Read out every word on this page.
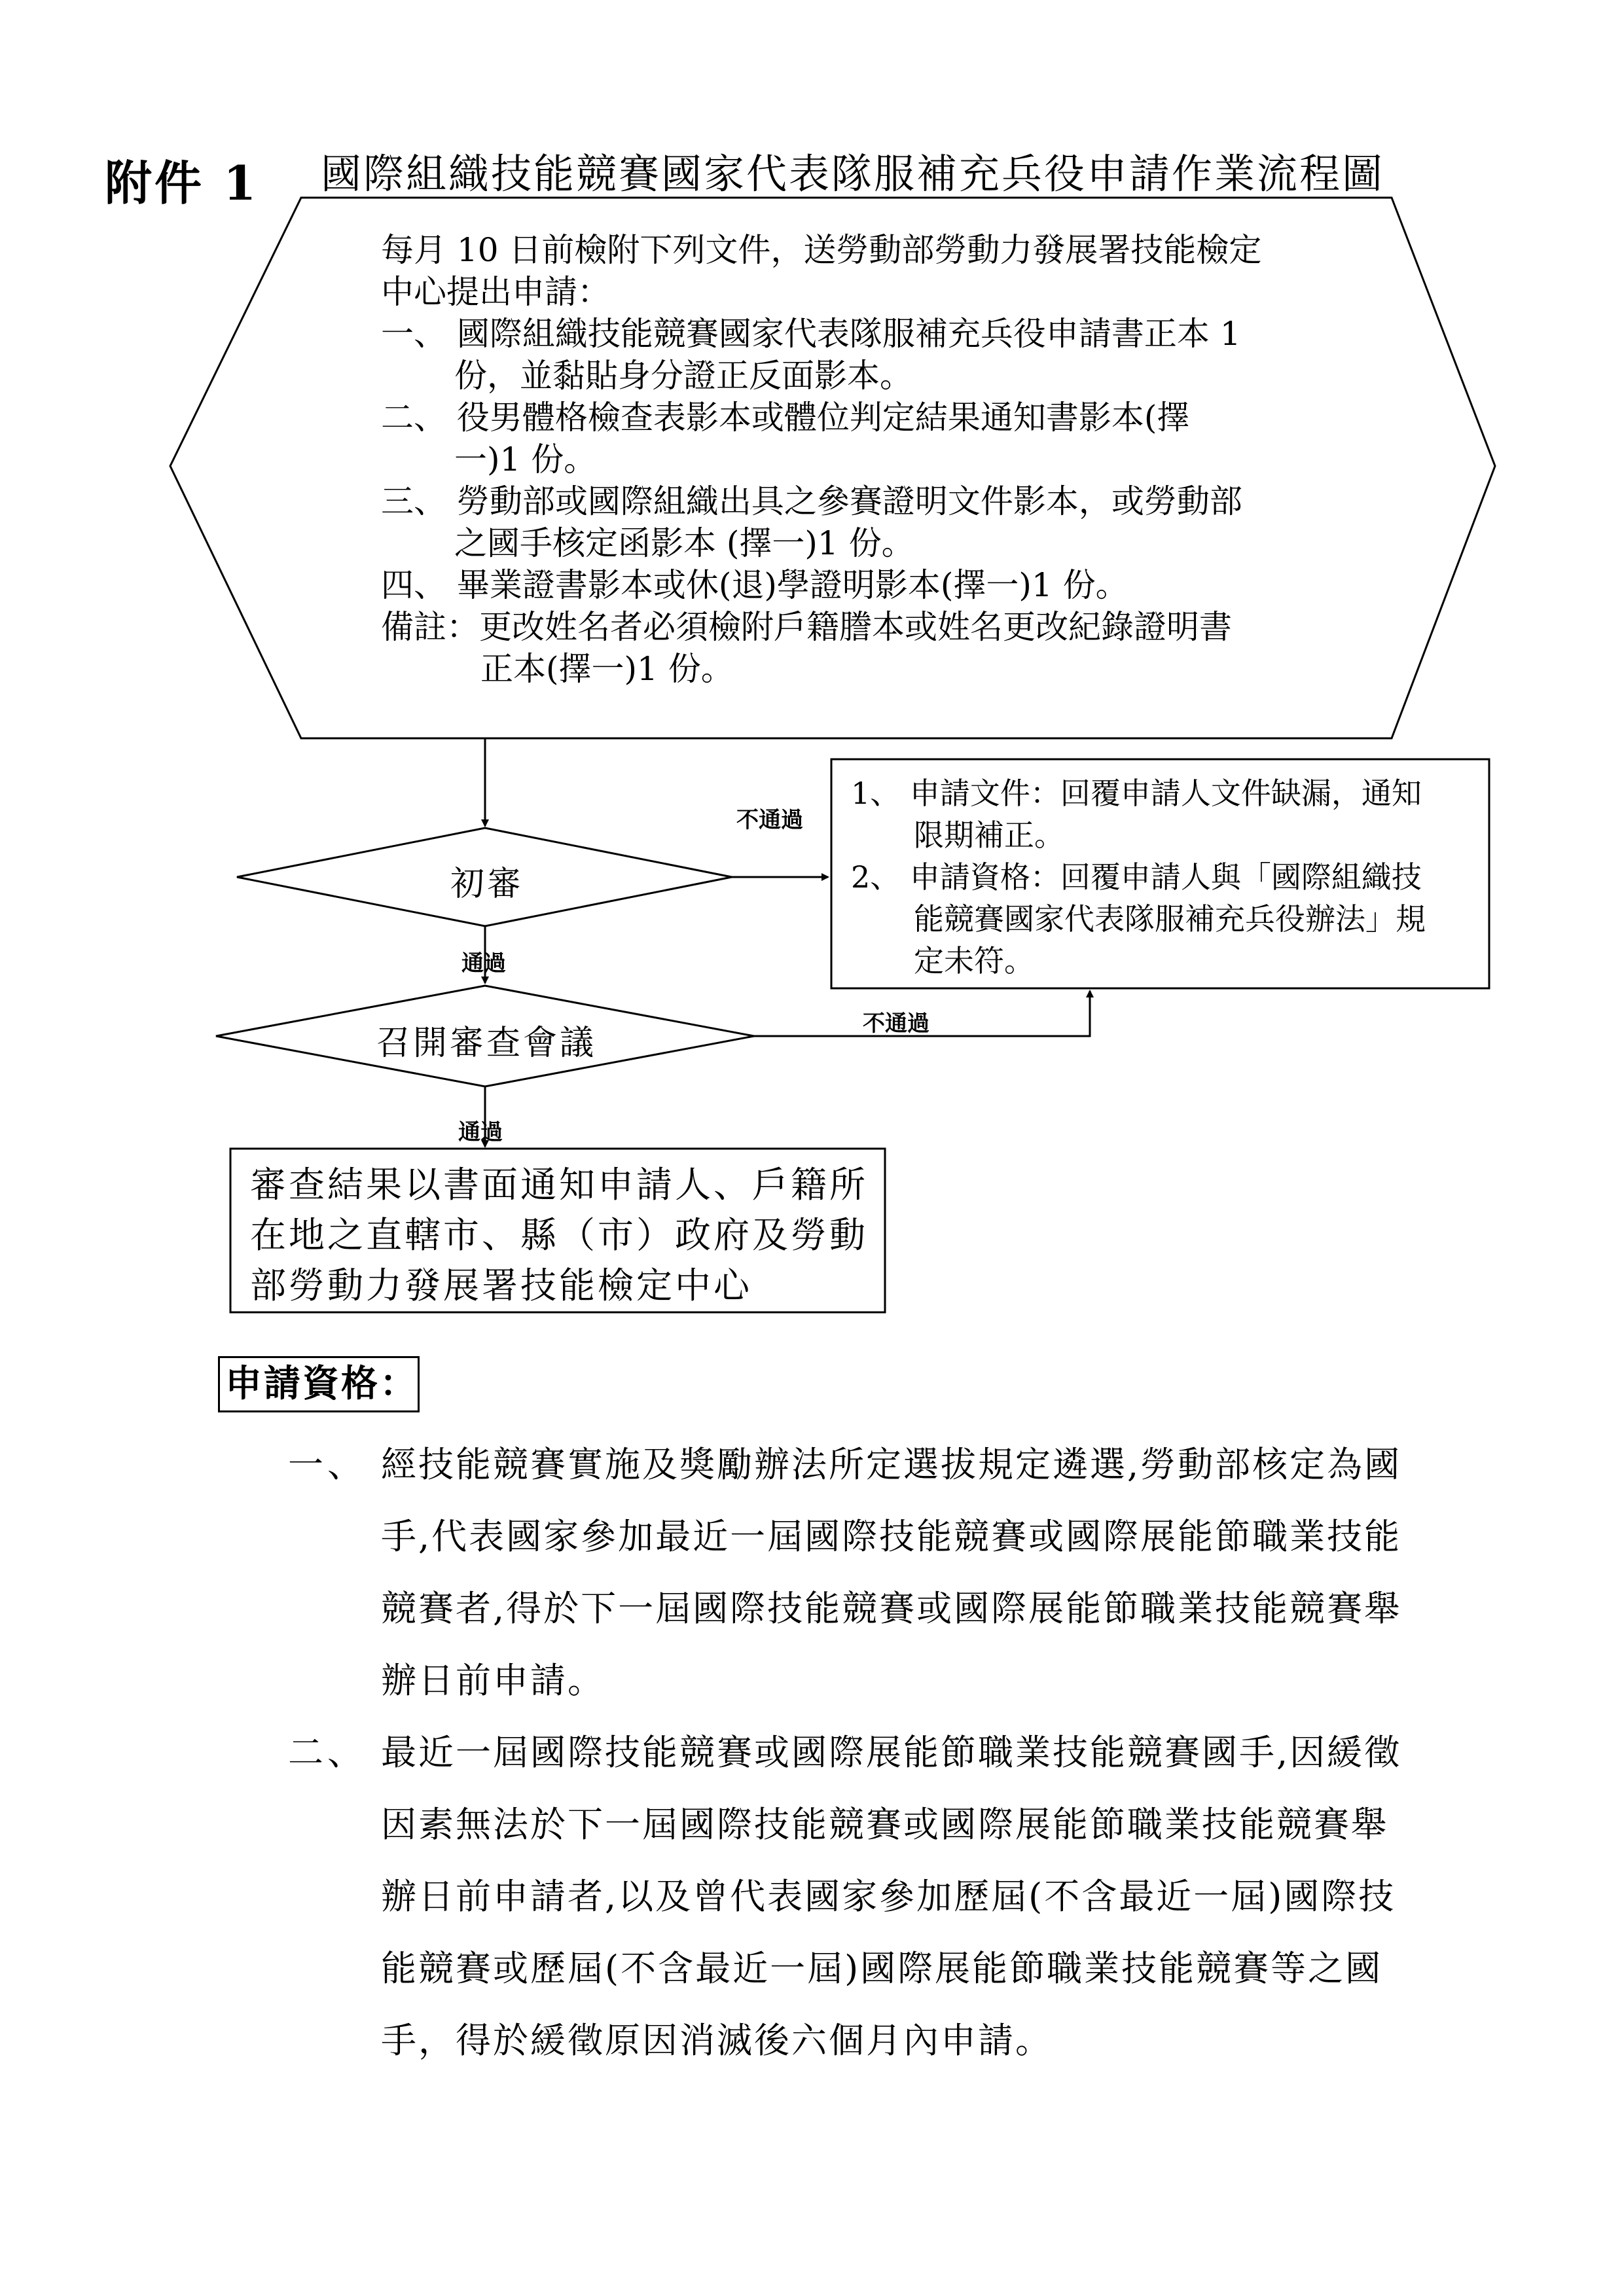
附件 1 國際組織技能競賽國家代表隊服補充兵役申請作業流程圖
每月 10 日前檢附下列文件，送勞動部勞動力發展署技能檢定
中心提出申請：
一、 國際組織技能競賽國家代表隊服補充兵役申請書正本 1
份，並黏貼身分證正反面影本。
二、 役男體格檢查表影本或體位判定結果通知書影本(擇
一)1 份。
三、 勞動部或國際組織出具之參賽證明文件影本，或勞動部
之國手核定函影本 (擇一)1 份。
四、 畢業證書影本或休(退)學證明影本(擇一)1 份。
備註：更改姓名者必須檢附戶籍謄本或姓名更改紀錄證明書
正本(擇一)1 份。
不通過
通過
不通過
通過
初審
召開審查會議
1、 申請文件：回覆申請人文件缺漏，通知
限期補正。
2、 申請資格：回覆申請人與「國際組織技
能競賽國家代表隊服補充兵役辦法」規
定未符。
審查結果以書面通知申請人、戶籍所
在地之直轄市、縣（市）政府及勞動
部勞動力發展署技能檢定中心
申請資格：
一、 經技能競賽實施及獎勵辦法所定選拔規定遴選,勞動部核定為國
手,代表國家參加最近一屆國際技能競賽或國際展能節職業技能
競賽者,得於下一屆國際技能競賽或國際展能節職業技能競賽舉
辦日前申請。
二、 最近一屆國際技能競賽或國際展能節職業技能競賽國手,因緩徵
因素無法於下一屆國際技能競賽或國際展能節職業技能競賽舉
辦日前申請者,以及曾代表國家參加歷屆(不含最近一屆)國際技
能競賽或歷屆(不含最近一屆)國際展能節職業技能競賽等之國
手，得於緩徵原因消滅後六個月內申請。
